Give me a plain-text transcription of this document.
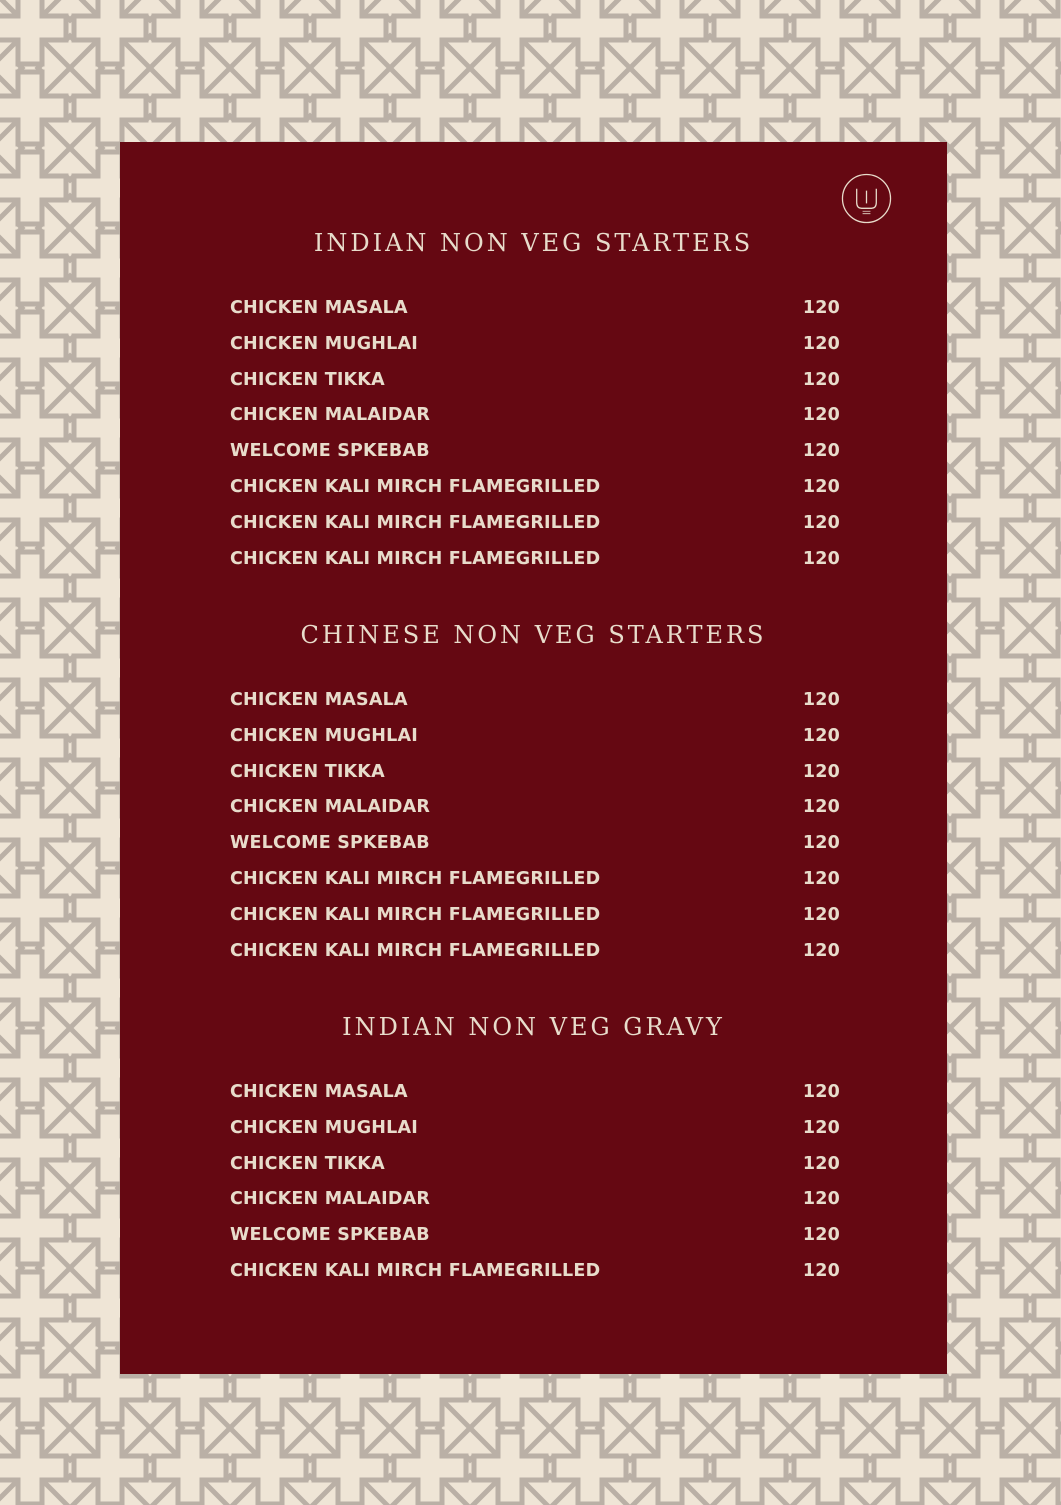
INDIAN NON VEG STARTERS
CHICKEN MASALA	120
CHICKEN MUGHLAI	120
CHICKEN TIKKA	120
CHICKEN MALAIDAR	120
WELCOME SPKEBAB	120
CHICKEN KALI MIRCH FLAMEGRILLED	120
CHICKEN KALI MIRCH FLAMEGRILLED	120
CHICKEN KALI MIRCH FLAMEGRILLED	120
CHINESE NON VEG STARTERS
CHICKEN MASALA	120
CHICKEN MUGHLAI	120
CHICKEN TIKKA	120
CHICKEN MALAIDAR	120
WELCOME SPKEBAB	120
CHICKEN KALI MIRCH FLAMEGRILLED	120
CHICKEN KALI MIRCH FLAMEGRILLED	120
CHICKEN KALI MIRCH FLAMEGRILLED	120
INDIAN NON VEG GRAVY
CHICKEN MASALA	120
CHICKEN MUGHLAI	120
CHICKEN TIKKA	120
CHICKEN MALAIDAR	120
WELCOME SPKEBAB	120
CHICKEN KALI MIRCH FLAMEGRILLED	120
